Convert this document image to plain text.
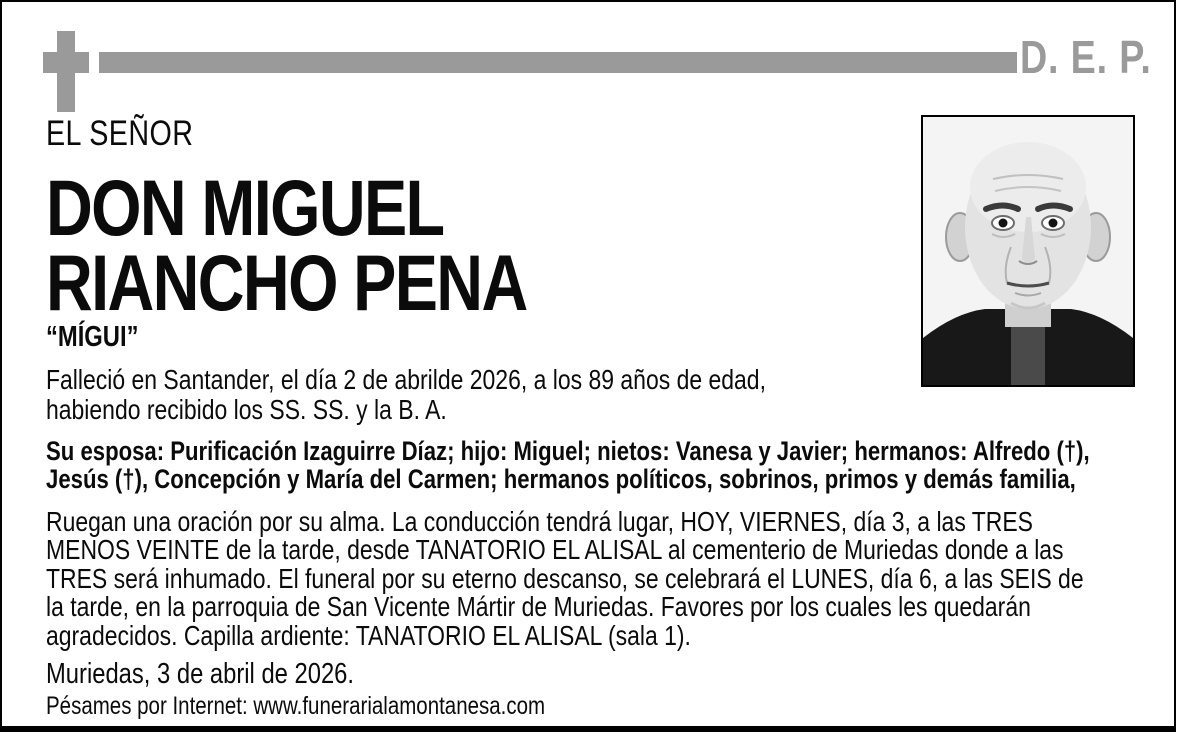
D. E. P.
EL SEÑOR
DON MIGUEL
RIANCHO PENA
“MÍGUI”
Falleció en Santander, el día 2 de abrilde 2026, a los 89 años de edad,
habiendo recibido los SS. SS. y la B. A.
Su esposa: Purificación Izaguirre Díaz; hijo: Miguel; nietos: Vanesa y Javier; hermanos: Alfredo (†),
Jesús (†), Concepción y María del Carmen; hermanos políticos, sobrinos, primos y demás familia,
Ruegan una oración por su alma. La conducción tendrá lugar, HOY, VIERNES, día 3, a las TRES
MENOS VEINTE de la tarde, desde TANATORIO EL ALISAL al cementerio de Muriedas donde a las
TRES será inhumado. El funeral por su eterno descanso, se celebrará el LUNES, día 6, a las SEIS de
la tarde, en la parroquia de San Vicente Mártir de Muriedas. Favores por los cuales les quedarán
agradecidos. Capilla ardiente: TANATORIO EL ALISAL (sala 1).
Muriedas, 3 de abril de 2026.
Pésames por Internet: www.funerarialamontanesa.com
